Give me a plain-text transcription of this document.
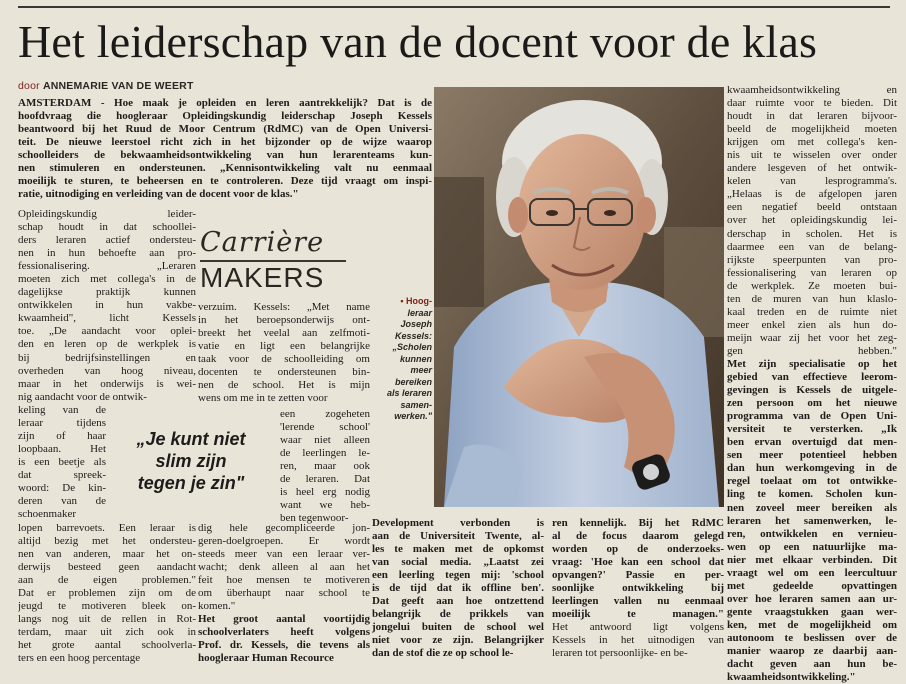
Het leiderschap van de docent voor de klas
door ANNEMARIE VAN DE WEERT
AMSTERDAM - Hoe maak je opleiden en leren aantrekkelijk? Dat is de
hoofdvraag die hoogleraar Opleidingskundig leiderschap Joseph Kessels
beantwoord bij het Ruud de Moor Centrum (RdMC) van de Open Universi-
teit. De nieuwe leerstoel richt zich in het bijzonder op de wijze waarop
schoolleiders de bekwaamheidsontwikkeling van hun lerarenteams kun-
nen stimuleren en ondersteunen. „Kennisontwikkeling valt nu eenmaal
moeilijk te sturen, te beheersen en te controleren. Deze tijd vraagt om inspi-
ratie, uitnodiging en verleiding van de docent voor de klas."
Opleidingskundig leider-
schap houdt in dat schoollei-
ders leraren actief ondersteu-
nen in hun behoefte aan pro-
fessionalisering. „Leraren
moeten zich met collega's in de
dagelijkse praktijk kunnen
ontwikkelen in hun vakbe-
kwaamheid", licht Kessels
toe. „De aandacht voor oplei-
den en leren op de werkplek is
bij bedrijfsinstellingen en
overheden van hoog niveau,
maar in het onderwijs is wei-
nig aandacht voor de ontwik-
keling van de
leraar tijdens
zijn of haar
loopbaan. Het
is een beetje als
dat spreek-
woord: De kin-
deren van de
schoenmaker
lopen barrevoets. Een leraar is
altijd bezig met het ondersteu-
nen van anderen, maar het on-
derwijs besteed geen aandacht
aan de eigen problemen."
Dat er problemen zijn om de
jeugd te motiveren bleek on-
langs nog uit de rellen in Rot-
terdam, maar uit zich ook in
het grote aantal schoolverla-
ters en een hoog percentage
Carrière
MAKERS
verzuim. Kessels: „Met name
in het beroepsonderwijs ont-
breekt het veelal aan zelfmoti-
vatie en ligt een belangrijke
taak voor de schoolleiding om
docenten te ondersteunen bin-
nen de school. Het is mijn
wens om me in te zetten voor
een zogeheten
'lerende school'
waar niet alleen
de leerlingen le-
ren, maar ook
de leraren. Dat
is heel erg nodig
want we heb-
ben tegenwoor-
dig hele gecompliceerde jon-
geren-doelgroepen. Er wordt
steeds meer van een leraar ver-
wacht; denk alleen al aan het
feit hoe mensen te motiveren
om überhaupt naar school te
komen."
Het groot aantal voortijdig
schoolverlaters heeft volgens
Prof. dr. Kessels, die tevens als
hoogleraar Human Recource
„Je kunt niet
slim zijn
tegen je zin"
• Hoog-
leraar
Joseph
Kessels:
„Scholen
kunnen
meer
bereiken
als leraren
samen-
werken."
Development verbonden is
aan de Universiteit Twente, al-
les te maken met de opkomst
van social media. „Laatst zei
een leerling tegen mij: 'school
is de tijd dat ik offline ben'.
Dat geeft aan hoe ontzettend
belangrijk de prikkels van
jongelui buiten de school wel
niet voor ze zijn. Belangrijker
dan de stof die ze op school le-
ren kennelijk. Bij het RdMC
al de focus daarom gelegd
worden op de onderzoeks-
vraag: 'Hoe kan een school dat
opvangen?' Passie en per-
soonlijke ontwikkeling bij
leerlingen vallen nu eenmaal
moeilijk te managen."
Het antwoord ligt volgens
Kessels in het uitnodigen van
leraren tot persoonlijke- en be-
kwaamheidsontwikkeling en
daar ruimte voor te bieden. Dit
houdt in dat leraren bijvoor-
beeld de mogelijkheid moeten
krijgen om met collega's ken-
nis uit te wisselen over onder
andere lesgeven of het ontwik-
kelen van lesprogramma's.
„Helaas is de afgelopen jaren
een negatief beeld ontstaan
over het opleidingskundig lei-
derschap in scholen. Het is
daarmee een van de belang-
rijkste speerpunten van pro-
fessionalisering van leraren op
de werkplek. Ze moeten bui-
ten de muren van hun klaslo-
kaal treden en de ruimte niet
meer enkel zien als hun do-
meijn waar zij het voor het zeg-
gen hebben."
Met zijn specialisatie op het
gebied van effectieve leerom-
gevingen is Kessels de uitgele-
zen persoon om het nieuwe
programma van de Open Uni-
versiteit te versterken. „Ik
ben ervan overtuigd dat men-
sen meer potentieel hebben
dan hun werkomgeving in de
regel toelaat om tot ontwikke-
ling te komen. Scholen kun-
nen zoveel meer bereiken als
leraren het samenwerken, le-
ren, ontwikkelen en vernieu-
wen op een natuurlijke ma-
nier met elkaar verbinden. Dit
vraagt wel om een leercultuur
met gedeelde opvattingen
over hoe leraren samen aan ur-
gente vraagstukken gaan wer-
ken, met de mogelijkheid om
autonoom te beslissen over de
manier waarop ze daarbij aan-
dacht geven aan hun be-
kwaamheidsontwikkeling."
